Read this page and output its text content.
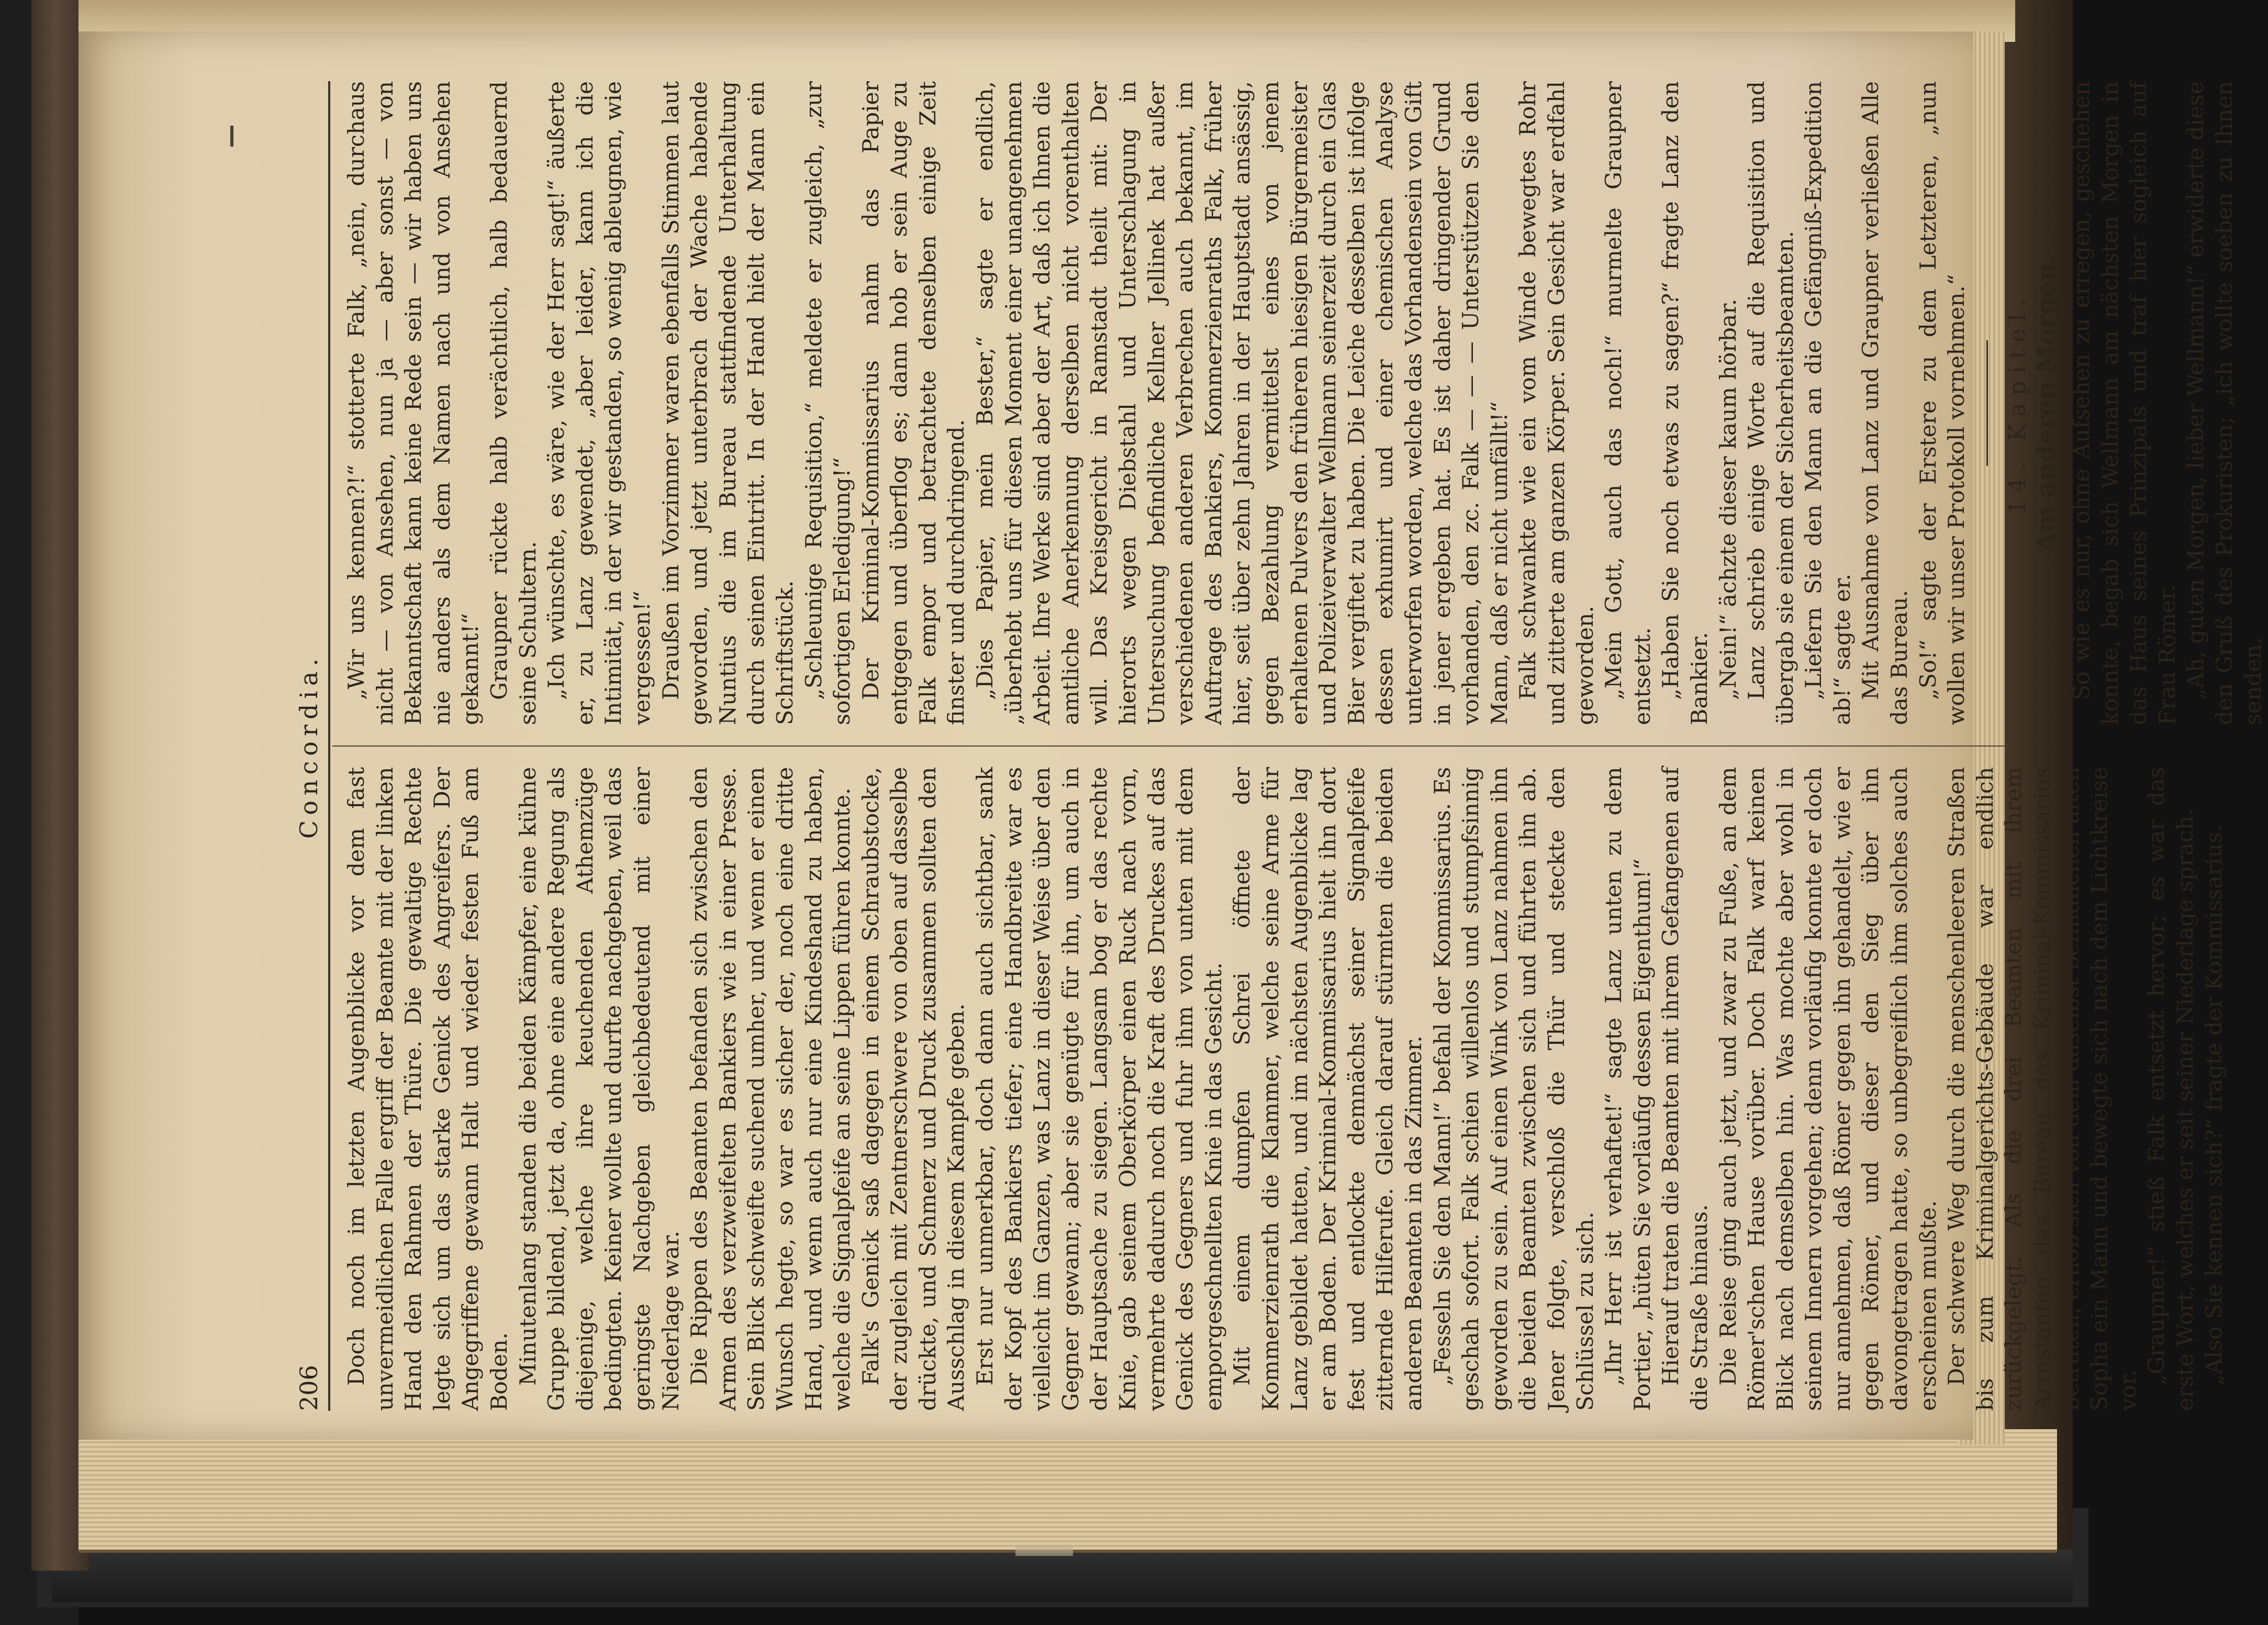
206
Concordia.

Doch noch im letzten Augenblicke vor dem fast unvermeidlichen Falle ergriff der Beamte mit der linken Hand den Rahmen der Thüre. Die gewaltige Rechte legte sich um das starke Genick des Angreifers. Der Angegriffene gewann Halt und wieder festen Fuß am Boden. Minutenlang standen die beiden Kämpfer, eine kühne Gruppe bildend, jetzt da, ohne eine andere Regung als diejenige, welche ihre keuchenden Athemzüge bedingten. Keiner wollte und durfte nachgeben, weil das geringste Nachgeben gleichbedeutend mit einer Niederlage war. Die Rippen des Beamten befanden sich zwischen den Armen des verzweifelten Bankiers wie in einer Presse. Sein Blick schweifte suchend umher, und wenn er einen Wunsch hegte, so war es sicher der, noch eine dritte Hand, und wenn auch nur eine Kindeshand zu haben, welche die Signalpfeife an seine Lippen führen konnte. Falk's Genick saß dagegen in einem Schraubstocke, der zugleich mit Zentnerschwere von oben auf dasselbe drückte, und Schmerz und Druck zusammen sollten den Ausschlag in diesem Kampfe geben. Erst nur unmerkbar, doch dann auch sichtbar, sank der Kopf des Bankiers tiefer; eine Handbreite war es vielleicht im Ganzen, was Lanz in dieser Weise über den Gegner gewann; aber sie genügte für ihn, um auch in der Hauptsache zu siegen. Langsam bog er das rechte Knie, gab seinem Oberkörper einen Ruck nach vorn, vermehrte dadurch noch die Kraft des Druckes auf das Genick des Gegners und fuhr ihm von unten mit dem emporgeschnellten Knie in das Gesicht. Mit einem dumpfen Schrei öffnete der Kommerzienrath die Klammer, welche seine Arme für Lanz gebildet hatten, und im nächsten Augenblicke lag er am Boden. Der Kriminal-Kommissarius hielt ihn dort fest und entlockte demnächst seiner Signalpfeife zitternde Hilferufe. Gleich darauf stürmten die beiden anderen Beamten in das Zimmer. „Fesseln Sie den Mann!“ befahl der Kommissarius. Es geschah sofort. Falk schien willenlos und stumpfsinnig geworden zu sein. Auf einen Wink von Lanz nahmen ihn die beiden Beamten zwischen sich und führten ihn ab. Jener folgte, verschloß die Thür und steckte den Schlüssel zu sich. „Ihr Herr ist verhaftet!“ sagte Lanz unten zu dem Portier, „hüten Sie vorläufig dessen Eigenthum!“ Hierauf traten die Beamten mit ihrem Gefangenen auf die Straße hinaus. Die Reise ging auch jetzt, und zwar zu Fuße, an dem Römer'schen Hause vorüber. Doch Falk warf keinen Blick nach demselben hin. Was mochte aber wohl in seinem Innern vorgehen; denn vorläufig konnte er doch nur annehmen, daß Römer gegen ihn gehandelt, wie er gegen Römer, und dieser den Sieg über ihn davongetragen hatte, so unbegreiflich ihm solches auch erscheinen mußte. Der schwere Weg durch die menschenleeren Straßen bis zum Kriminalgerichts-Gebäude war endlich zurückgelegt. Als die drei Beamten mit ihrem Arrestanten das Bureau des Kriminal-Kommissarius betraten, erhob sich von dem daselbst befindlichen alten Sopha ein Mann und bewegte sich nach dem Lichtkreise vor.

„Graupner!“ stieß Falk entsetzt hervor; es war das erste Wort, welches er seit seiner Niederlage sprach. „Also Sie kennen sich?“ fragte der Kommissarius.

„Wir uns kennen?!“ stotterte Falk, „nein, durchaus nicht — von Ansehen, nun ja — aber sonst — von Bekanntschaft kann keine Rede sein — wir haben uns nie anders als dem Namen nach und von Ansehen gekannt!“ Graupner rückte halb verächtlich, halb bedauernd seine Schultern. „Ich wünschte, es wäre, wie der Herr sagt!“ äußerte er, zu Lanz gewendet, „aber leider, kann ich die Intimität, in der wir gestanden, so wenig ableugnen, wie vergessen!“ Draußen im Vorzimmer waren ebenfalls Stimmen laut geworden, und jetzt unterbrach der Wache habende Nuntius die im Bureau stattfindende Unterhaltung durch seinen Eintritt. In der Hand hielt der Mann ein Schriftstück. „Schleunige Requisition,“ meldete er zugleich, „zur sofortigen Erledigung!“ Der Kriminal-Kommissarius nahm das Papier entgegen und überflog es; dann hob er sein Auge zu Falk empor und betrachtete denselben einige Zeit finster und durchdringend. „Dies Papier, mein Bester,“ sagte er endlich, „überhebt uns für diesen Moment einer unangenehmen Arbeit. Ihre Werke sind aber der Art, daß ich Ihnen die amtliche Anerkennung derselben nicht vorenthalten will. Das Kreisgericht in Ramstadt theilt mit: Der hierorts wegen Diebstahl und Unterschlagung in Untersuchung befindliche Kellner Jellinek hat außer verschiedenen anderen Verbrechen auch bekannt, im Auftrage des Bankiers, Kommerzienraths Falk, früher hier, seit über zehn Jahren in der Hauptstadt ansässig, gegen Bezahlung vermittelst eines von jenem erhaltenen Pulvers den früheren hiesigen Bürgermeister und Polizeiverwalter Wellmann seinerzeit durch ein Glas Bier vergiftet zu haben. Die Leiche desselben ist infolge dessen exhumirt und einer chemischen Analyse unterworfen worden, welche das Vorhandensein von Gift in jener ergeben hat. Es ist daher dringender Grund vorhanden, den zc. Falk — — — Unterstützen Sie den Mann, daß er nicht umfällt!“ Falk schwankte wie ein vom Winde bewegtes Rohr und zitterte am ganzen Körper. Sein Gesicht war erdfahl geworden. „Mein Gott, auch das noch!“ murmelte Graupner entsetzt. „Haben Sie noch etwas zu sagen?“ fragte Lanz den Bankier. „Nein!“ ächzte dieser kaum hörbar. Lanz schrieb einige Worte auf die Requisition und übergab sie einem der Sicherheitsbeamten. „Liefern Sie den Mann an die Gefängniß-Expedition ab!“ sagte er. Mit Ausnahme von Lanz und Graupner verließen Alle das Bureau. „So!“ sagte der Erstere zu dem Letzteren, „nun wollen wir unser Protokoll vornehmen.“ 14. Kapitel. Am anderen Morgen. So wie es nur, ohne Aufsehen zu erregen, geschehen konnte, begab sich Wellmann am nächsten Morgen in das Haus seines Prinzipals und traf hier sogleich auf Frau Römer. „Ah, guten Morgen, lieber Wellmann!“ erwiderte diese den Gruß des Prokuristen; „ich wollte soeben zu Ihnen senden.
